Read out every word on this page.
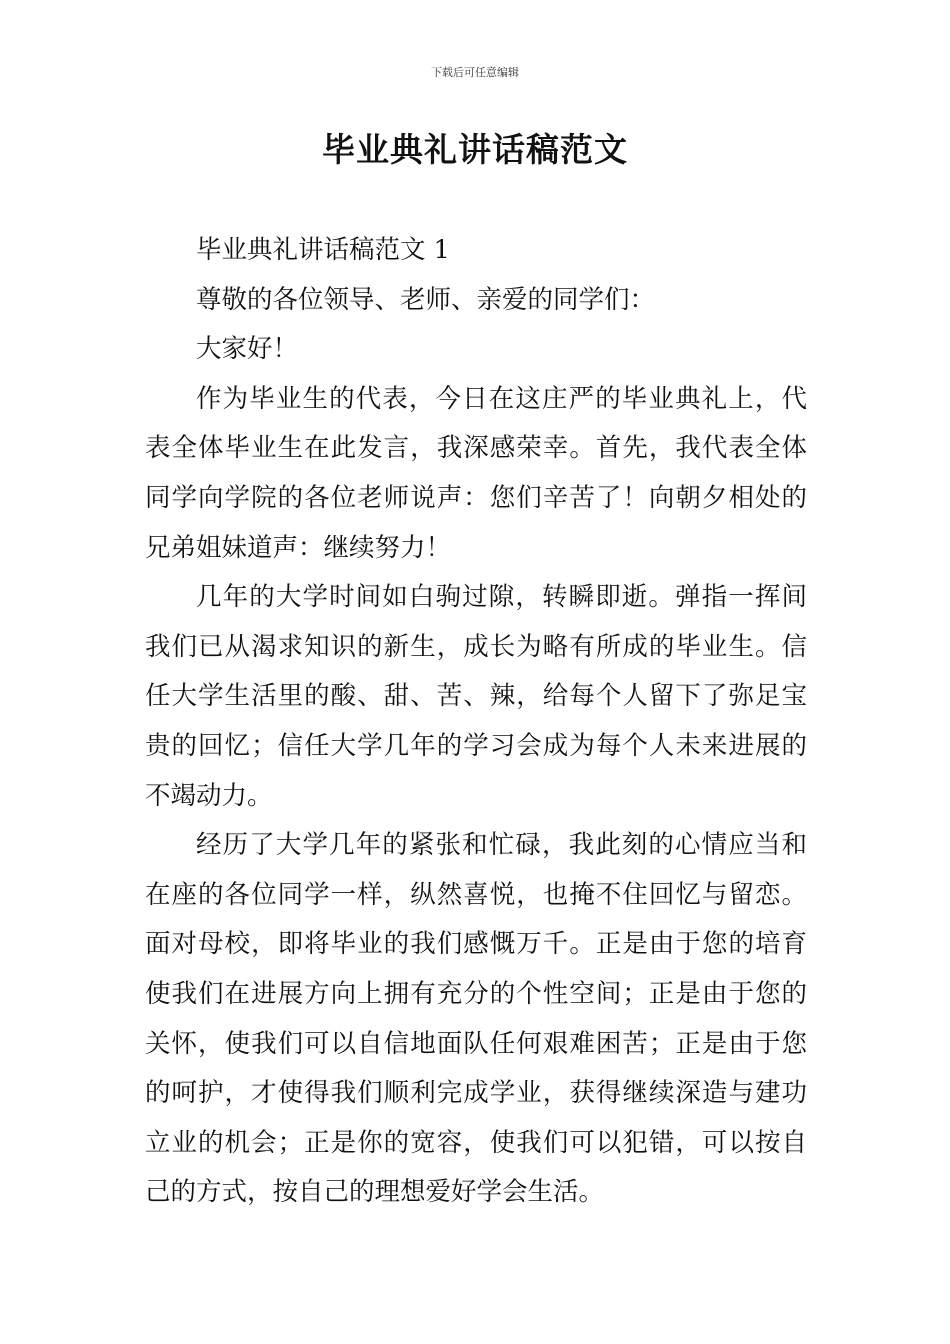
下载后可任意编辑
毕业典礼讲话稿范文

毕业典礼讲话稿范文 1

尊敬的各位领导、老师、亲爱的同学们：

大家好！

作为毕业生的代表，今日在这庄严的毕业典礼上，代表全体毕业生在此发言，我深感荣幸。首先，我代表全体同学向学院的各位老师说声：您们辛苦了！向朝夕相处的兄弟姐妹道声：继续努力！

几年的大学时间如白驹过隙，转瞬即逝。弹指一挥间我们已从渴求知识的新生，成长为略有所成的毕业生。信任大学生活里的酸、甜、苦、辣，给每个人留下了弥足宝贵的回忆；信任大学几年的学习会成为每个人未来进展的不竭动力。

经历了大学几年的紧张和忙碌，我此刻的心情应当和在座的各位同学一样，纵然喜悦，也掩不住回忆与留恋。面对母校，即将毕业的我们感慨万千。正是由于您的培育使我们在进展方向上拥有充分的个性空间；正是由于您的关怀，使我们可以自信地面队任何艰难困苦；正是由于您的呵护，才使得我们顺利完成学业，获得继续深造与建功立业的机会；正是你的宽容，使我们可以犯错，可以按自己的方式，按自己的理想爱好学会生活。
